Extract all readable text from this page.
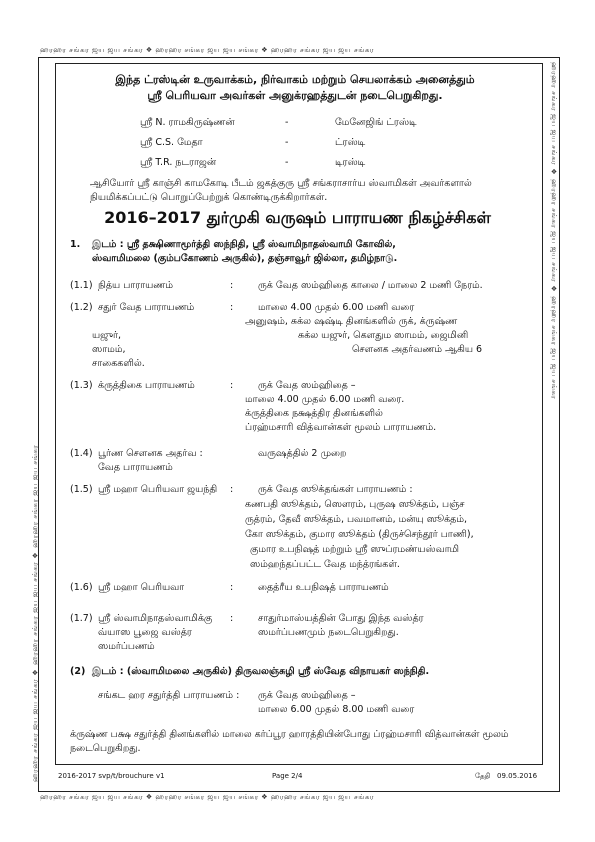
ஹரஹர சங்கர ஜய ஜய சங்கர ❖ ஹரஹர சங்கர ஜய ஜய சங்கர ❖ ஹரஹர சங்கர ஜய ஜய சங்கர
ஹரஹர சங்கர ஜய ஜய சங்கர ❖ ஹரஹர சங்கர ஜய ஜய சங்கர ❖ ஹரஹர சங்கர ஜய ஜய சங்கர
ஹரஹர சங்கர ஜய ஜய சங்கர ❖ ஹரஹர சங்கர ஜய ஜய சங்கர ❖ ஹரஹர சங்கர ஜய ஜய சங்கர
ஹரஹர சங்கர ஜய ஜய சங்கர ❖ ஹரஹர சங்கர ஜய ஜய சங்கர ❖ ஹரஹர சங்கர ஜய ஜய சங்கர
இந்த ட்ரஸ்டின் உருவாக்கம், நிர்வாகம் மற்றும் செயலாக்கம் அனைத்தும்
ஸ்ரீ பெரியவா அவர்கள் அனுக்ரஹத்துடன் நடைபெறுகிறது.
ஸ்ரீ N. ராமகிருஷ்ணன்	-	மேனேஜிங் ட்ரஸ்டி
ஸ்ரீ C.S. மேதா	-	ட்ரஸ்டி
ஸ்ரீ T.R. நடராஜன்	-	டிரஸ்டி
ஆசியோர் ஸ்ரீ காஞ்சி காமகோடி பீடம் ஜகத்குரு ஸ்ரீ சங்கராசார்ய ஸ்வாமிகள் அவர்களால்
நியமிக்கப்பட்டு பொறுப்பேற்றுக் கொண்டிருக்கிறார்கள்.
2016–2017 துர்முகி வருஷம் பாராயண நிகழ்ச்சிகள்
1. இடம் : ஸ்ரீ தக்ஷிணாமூர்த்தி ஸந்நிதி, ஸ்ரீ ஸ்வாமிநாதஸ்வாமி கோவில்,
ஸ்வாமிமலை (கும்பகோணம் அருகில்), தஞ்சாவூர் ஜில்லா, தமிழ்நாடு.
(1.1) நித்ய பாராயணம்	:	ருக் வேத ஸம்ஹிதை காலை / மாலை 2 மணி நேரம்.
(1.2) சதுர் வேத பாராயணம்	:	மாலை 4.00 முதல் 6.00 மணி வரை
அனுஷம், சுக்ல ஷஷ்டி தினங்களில் ருக், க்ருஷ்ண
யஜுர்,	சுக்ல யஜுர், கௌதும ஸாமம், ஜைமினி
ஸாமம்,	சௌனக அதர்வணம் ஆகிய 6
சாகைகளில்.
(1.3) க்ருத்திகை பாராயணம்	:	ருக் வேத ஸம்ஹிதை –
மாலை 4.00 முதல் 6.00 மணி வரை.
க்ருத்திகை நக்ஷத்திர தினங்களில்
ப்ரஹ்மசாரி வித்வான்கள் மூலம் பாராயணம்.
(1.4) பூர்ண சௌனக அதர்வ :
வேத பாராயணம்
வருஷத்தில் 2 முறை
(1.5) ஸ்ரீ மஹா பெரியவா ஜயந்தி :	ருக் வேத ஸூக்தங்கள் பாராயணம் :
கணபதி ஸூக்தம், ஸௌரம், புருஷ ஸூக்தம், பஞ்ச
ருத்ரம், தேவீ ஸூக்தம், பவமானம், மன்யு ஸூக்தம்,
கோ ஸூக்தம், குமார ஸூக்தம் (திருச்செந்தூர் பாணி),
குமார உபநிஷத் மற்றும் ஸ்ரீ ஸுப்ரமண்யஸ்வாமி
ஸம்ஹந்தப்பட்ட வேத மந்த்ரங்கள்.
(1.6) ஸ்ரீ மஹா பெரியவா	:	தைத்ரீய உபநிஷத் பாராயணம்
(1.7) ஸ்ரீ ஸ்வாமிநாதஸ்வாமிக்கு
வ்யாஸ பூஜை வஸ்த்ர
ஸமர்ப்பணம்
:	சாதுர்மாஸ்யத்தின் போது இந்த வஸ்த்ர
ஸமர்ப்பணமும் நடைபெறுகிறது.
(2) இடம் : (ஸ்வாமிமலை அருகில்) திருவலஞ்சுழி ஸ்ரீ ஸ்வேத விநாயகர் ஸந்நிதி.
சங்கட ஹர சதுர்த்தி பாராயணம் : ருக் வேத ஸம்ஹிதை –
மாலை 6.00 முதல் 8.00 மணி வரை
க்ருஷ்ண பக்ஷ சதுர்த்தி தினங்களில் மாலை கர்ப்பூர ஹாரத்தியின்போது ப்ரஹ்மசாரி வித்வான்கள் மூலம்
நடைபெறுகிறது.
2016-2017 svp/t/brouchure v1	Page 2/4	தேதி 09.05.2016
